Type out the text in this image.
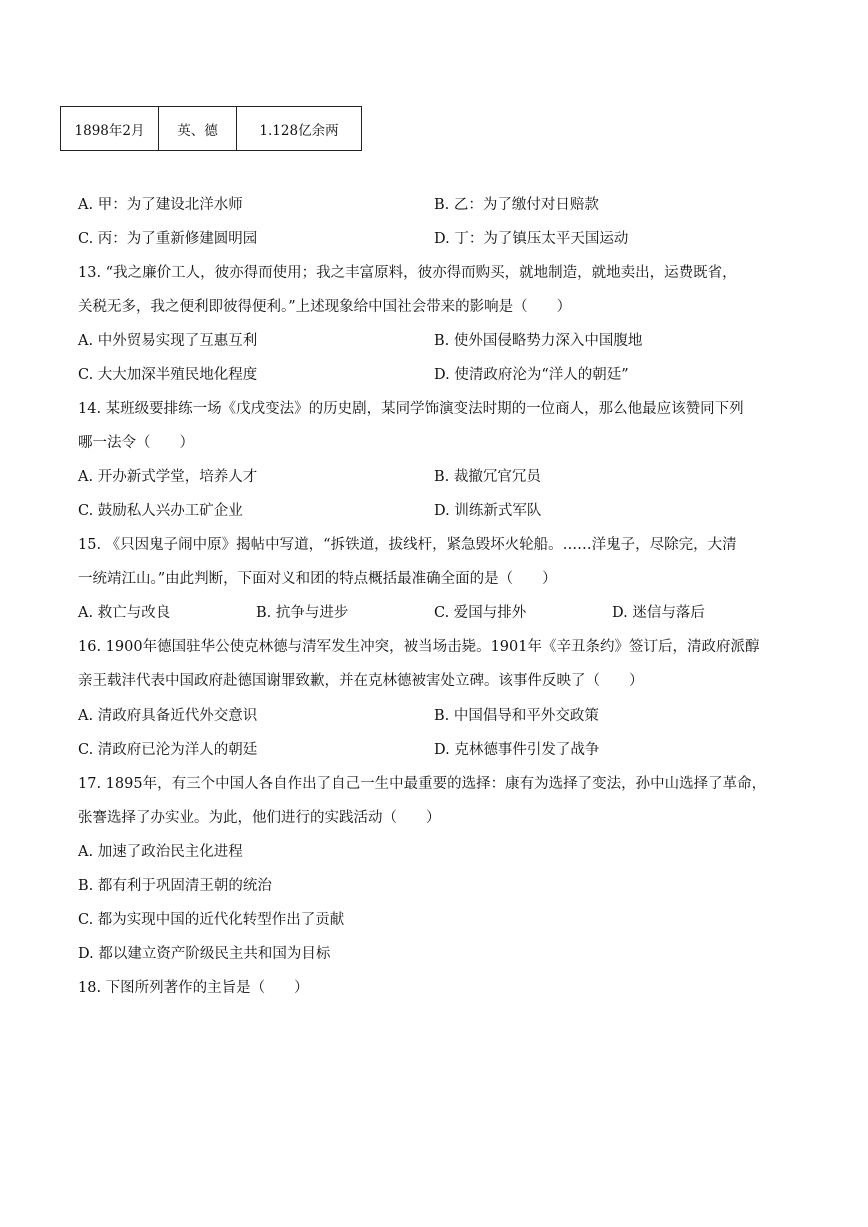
1898年2月	英、德	1.128亿余两
A. 甲：为了建设北洋水师	B. 乙：为了缴付对日赔款
C. 丙：为了重新修建圆明园	D. 丁：为了镇压太平天国运动

13. “我之廉价工人，彼亦得而使用；我之丰富原料，彼亦得而购买，就地制造，就地卖出，运费既省，

关税无多，我之便利即彼得便利。”上述现象给中国社会带来的影响是（　　）

A. 中外贸易实现了互惠互利	B. 使外国侵略势力深入中国腹地
C. 大大加深半殖民地化程度	D. 使清政府沦为“洋人的朝廷”

14. 某班级要排练一场《戊戌变法》的历史剧，某同学饰演变法时期的一位商人，那么他最应该赞同下列

哪一法令（　　）

A. 开办新式学堂，培养人才	B. 裁撤冗官冗员
C. 鼓励私人兴办工矿企业	D. 训练新式军队

15. 《只因鬼子闹中原》揭帖中写道，“拆铁道，拔线杆，紧急毁坏火轮船。……洋鬼子，尽除完，大清

一统靖江山。”由此判断，下面对义和团的特点概括最准确全面的是（　　）

A. 救亡与改良	B. 抗争与进步	C. 爱国与排外	D. 迷信与落后

16. 1900年德国驻华公使克林德与清军发生冲突，被当场击毙。1901年《辛丑条约》签订后，清政府派醇

亲王载沣代表中国政府赴德国谢罪致歉，并在克林德被害处立碑。该事件反映了（　　）

A. 清政府具备近代外交意识	B. 中国倡导和平外交政策
C. 清政府已沦为洋人的朝廷	D. 克林德事件引发了战争

17. 1895年，有三个中国人各自作出了自己一生中最重要的选择：康有为选择了变法，孙中山选择了革命，

张謇选择了办实业。为此，他们进行的实践活动（　　）

A. 加速了政治民主化进程
B. 都有利于巩固清王朝的统治
C. 都为实现中国的近代化转型作出了贡献
D. 都以建立资产阶级民主共和国为目标
18. 下图所列著作的主旨是（　　）
